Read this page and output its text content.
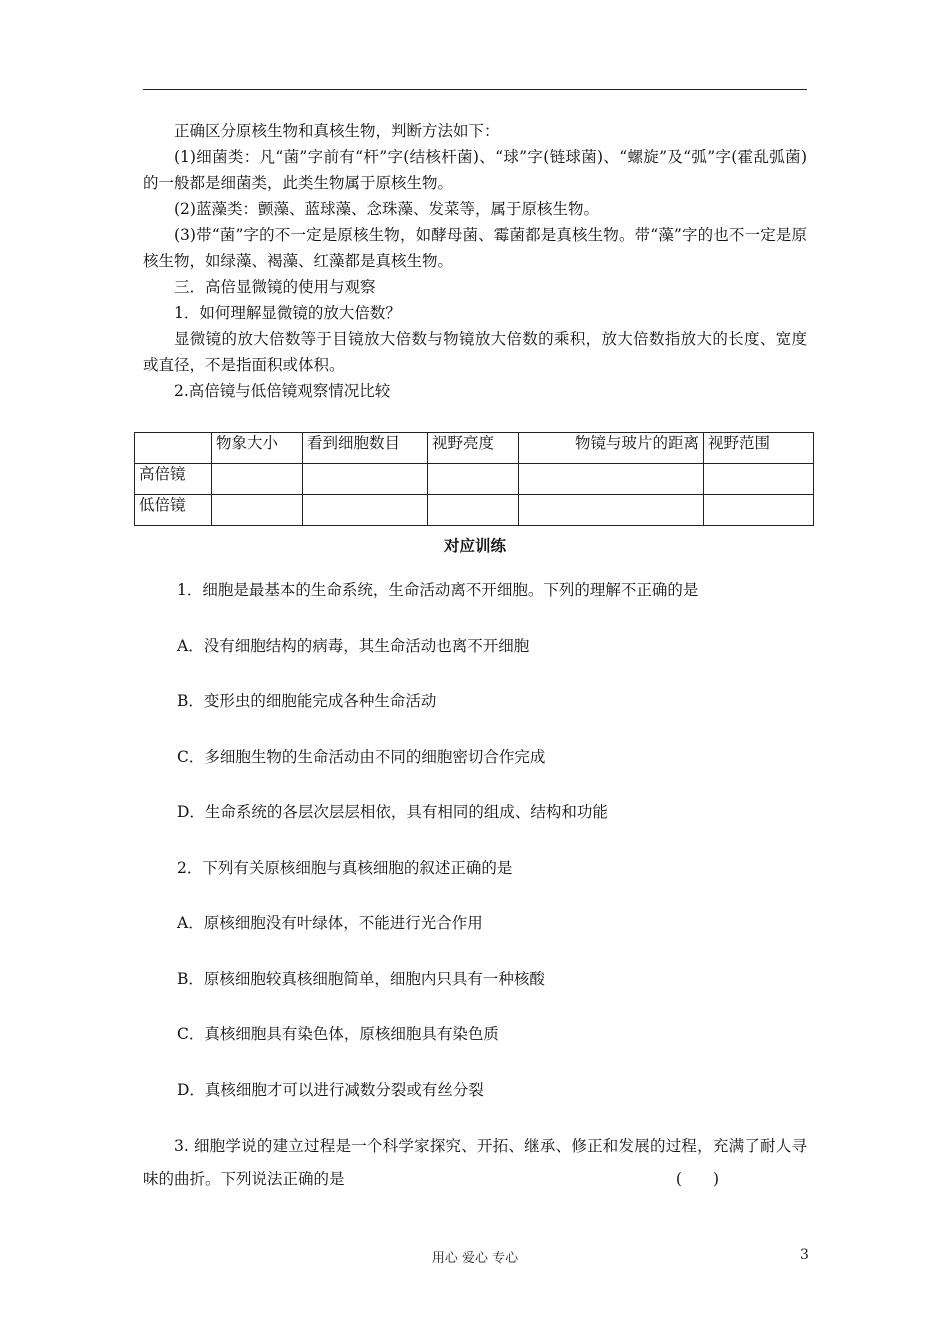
正确区分原核生物和真核生物，判断方法如下：

(1)细菌类：凡“菌”字前有“杆”字(结核杆菌)、“球”字(链球菌)、“螺旋”及“弧”字(霍乱弧菌)的一般都是细菌类，此类生物属于原核生物。

(2)蓝藻类：颤藻、蓝球藻、念珠藻、发菜等，属于原核生物。

(3)带“菌”字的不一定是原核生物，如酵母菌、霉菌都是真核生物。带“藻”字的也不一定是原核生物，如绿藻、褐藻、红藻都是真核生物。

三．高倍显微镜的使用与观察

1．如何理解显微镜的放大倍数？

显微镜的放大倍数等于目镜放大倍数与物镜放大倍数的乘积，放大倍数指放大的长度、宽度或直径，不是指面积或体积。

2.高倍镜与低倍镜观察情况比较

	物象大小	看到细胞数目	视野亮度	物镜与玻片的距离	视野范围
高倍镜					
低倍镜					

对应训练

1．细胞是最基本的生命系统，生命活动离不开细胞。下列的理解不正确的是

A．没有细胞结构的病毒，其生命活动也离不开细胞

B．变形虫的细胞能完成各种生命活动

C．多细胞生物的生命活动由不同的细胞密切合作完成

D．生命系统的各层次层层相依，具有相同的组成、结构和功能

2．下列有关原核细胞与真核细胞的叙述正确的是

A．原核细胞没有叶绿体，不能进行光合作用

B．原核细胞较真核细胞简单，细胞内只具有一种核酸

C．真核细胞具有染色体，原核细胞具有染色质

D．真核细胞才可以进行减数分裂或有丝分裂

3. 细胞学说的建立过程是一个科学家探究、开拓、继承、修正和发展的过程，充满了耐人寻味的曲折。下列说法正确的是	(　　)
用心 爱心 专心	3
